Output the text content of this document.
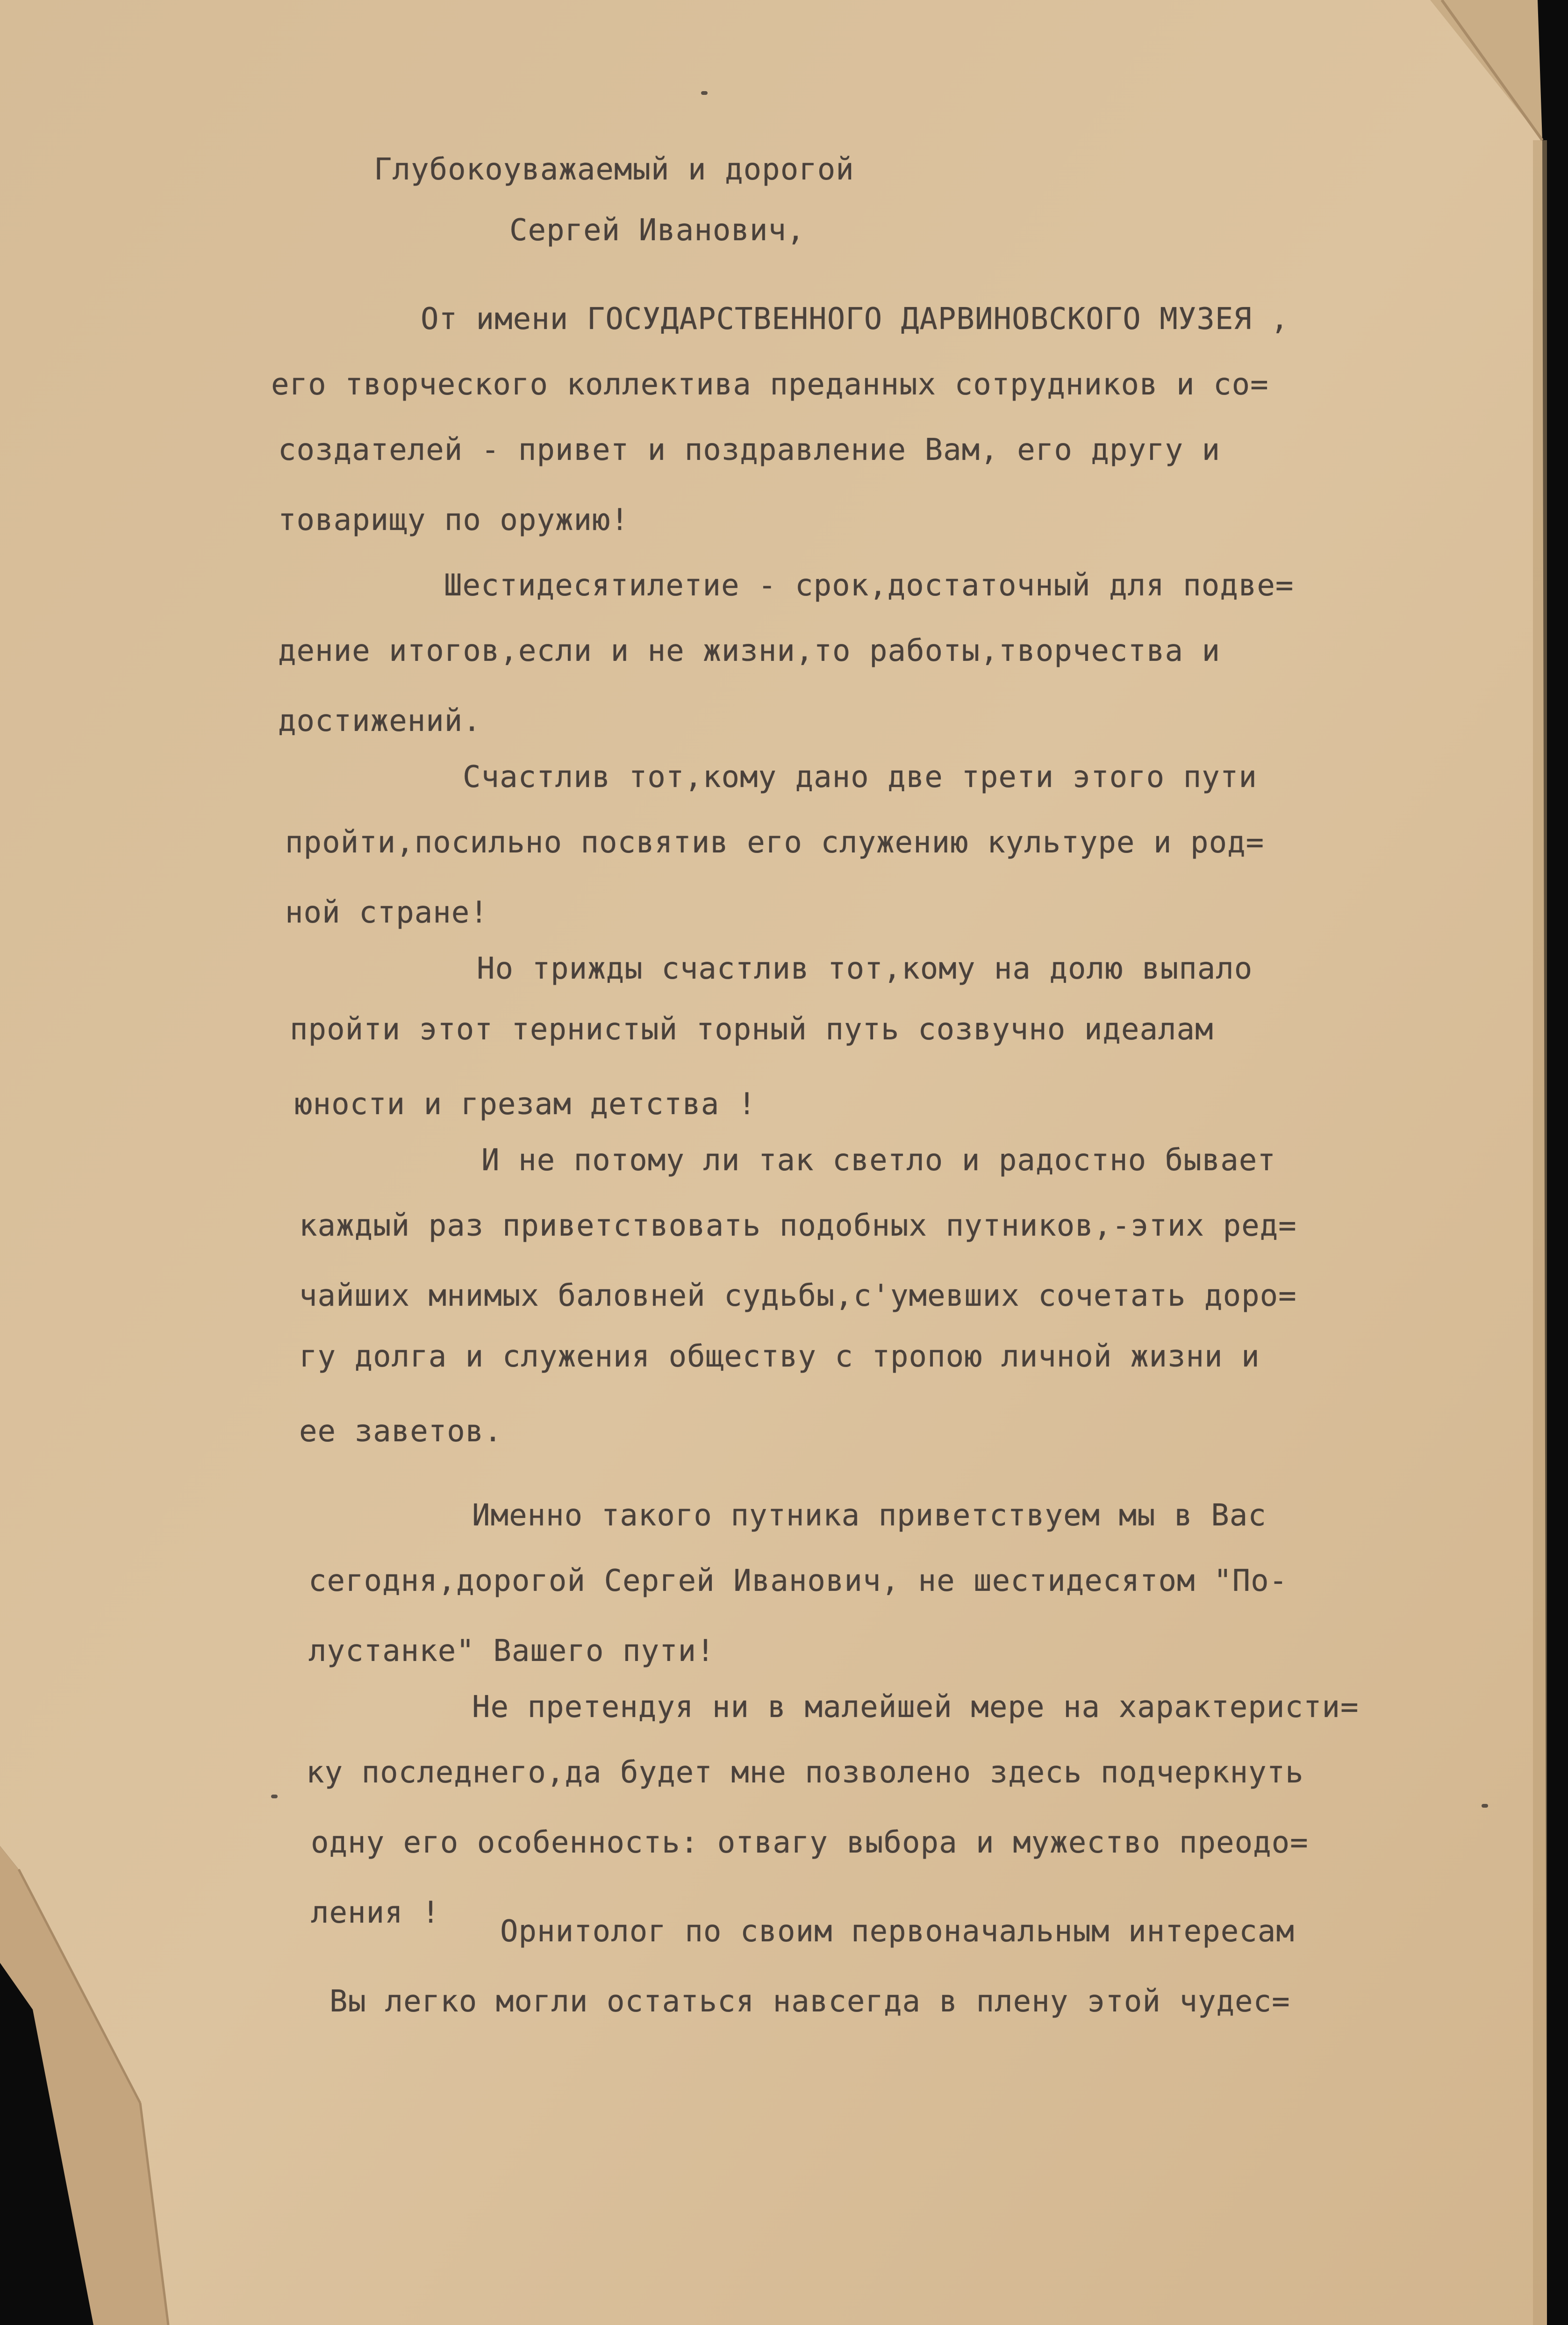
Глубокоуважаемый и дорогой

Сергей Иванович,

От имени ГОСУДАРСТВЕННОГО ДАРВИНОВСКОГО МУЗЕЯ ,

его творческого коллектива преданных сотрудников и со=

создателей - привет и поздравление Вам, его другу и

товарищу по оружию!

Шестидесятилетие - срок,достаточный для подве=

дение итогов,если и не жизни,то работы,творчества и

достижений.

Счастлив тот,кому дано две трети этого пути

пройти,посильно посвятив его служению культуре и род=

ной стране!

Но трижды счастлив тот,кому на долю выпало

пройти этот тернистый торный путь созвучно идеалам

юности и грезам детства !

И не потому ли так светло и радостно бывает

каждый раз приветствовать подобных путников,-этих ред=

чайших мнимых баловней судьбы,с'умевших сочетать доро=

гу долга и служения обществу с тропою личной жизни и

ее заветов.

Именно такого путника приветствуем мы в Вас

сегодня,дорогой Сергей Иванович, не шестидесятом "По-

лустанке" Вашего пути!

Не претендуя ни в малейшей мере на характеристи=

ку последнего,да будет мне позволено здесь подчеркнуть

одну его особенность: отвагу выбора и мужество преодо=

ления !

Орнитолог по своим первоначальным интересам

Вы легко могли остаться навсегда в плену этой чудес=
